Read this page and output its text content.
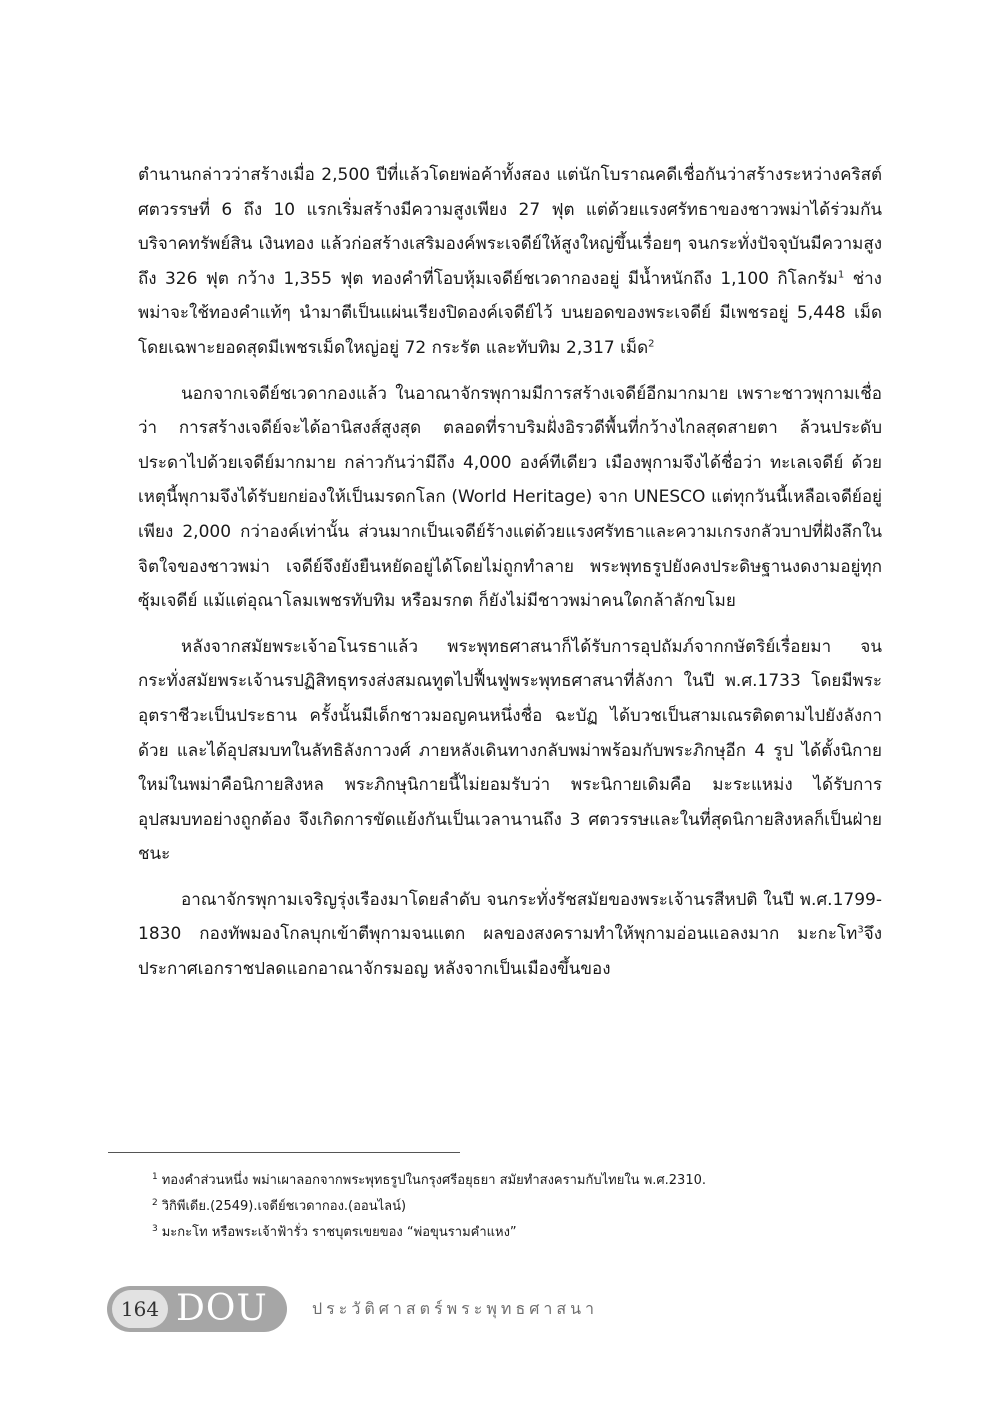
ตำนานกล่าวว่าสร้างเมื่อ 2,500 ปีที่แล้วโดยพ่อค้าทั้งสอง แต่นักโบราณคดีเชื่อกันว่าสร้างระหว่างคริสต์ศตวรรษที่ 6 ถึง 10 แรกเริ่มสร้างมีความสูงเพียง 27 ฟุต แต่ด้วยแรงศรัทธาของชาวพม่าได้ร่วมกันบริจาคทรัพย์สิน เงินทอง แล้วก่อสร้างเสริมองค์พระเจดีย์ให้สูงใหญ่ขึ้นเรื่อยๆ จนกระทั่งปัจจุบันมีความสูงถึง 326 ฟุต กว้าง 1,355 ฟุต ทองคำที่โอบหุ้มเจดีย์ชเวดากองอยู่ มีน้ำหนักถึง 1,100 กิโลกรัม$^1$ ช่างพม่าจะใช้ทองคำแท้ๆ นำมาตีเป็นแผ่นเรียงปิดองค์เจดีย์ไว้ บนยอดของพระเจดีย์ มีเพชรอยู่ 5,448 เม็ด โดยเฉพาะยอดสุดมีเพชรเม็ดใหญ่อยู่ 72 กระรัต และทับทิม 2,317 เม็ด$^2$

นอกจากเจดีย์ชเวดากองแล้ว ในอาณาจักรพุกามมีการสร้างเจดีย์อีกมากมาย เพราะชาวพุกามเชื่อว่า การสร้างเจดีย์จะได้อานิสงส์สูงสุด ตลอดที่ราบริมฝั่งอิรวดีพื้นที่กว้างไกลสุดสายตา ล้วนประดับประดาไปด้วยเจดีย์มากมาย กล่าวกันว่ามีถึง 4,000 องค์ทีเดียว เมืองพุกามจึงได้ชื่อว่า ทะเลเจดีย์ ด้วยเหตุนี้พุกามจึงได้รับยกย่องให้เป็นมรดกโลก (World Heritage) จาก UNESCO แต่ทุกวันนี้เหลือเจดีย์อยู่เพียง 2,000 กว่าองค์เท่านั้น ส่วนมากเป็นเจดีย์ร้างแต่ด้วยแรงศรัทธาและความเกรงกลัวบาปที่ฝังลึกในจิตใจของชาวพม่า เจดีย์จึงยังยืนหยัดอยู่ได้โดยไม่ถูกทำลาย พระพุทธรูปยังคงประดิษฐานงดงามอยู่ทุกซุ้มเจดีย์ แม้แต่อุณาโลมเพชรทับทิม หรือมรกต ก็ยังไม่มีชาวพม่าคนใดกล้าลักขโมย

หลังจากสมัยพระเจ้าอโนรธาแล้ว พระพุทธศาสนาก็ได้รับการอุปถัมภ์จากกษัตริย์เรื่อยมา จนกระทั่งสมัยพระเจ้านรปฏิสิทธุทรงส่งสมณทูตไปฟื้นฟูพระพุทธศาสนาที่ลังกา ในปี พ.ศ.1733 โดยมีพระอุตราชีวะเป็นประธาน ครั้งนั้นมีเด็กชาวมอญคนหนึ่งชื่อ ฉะบัฏ ได้บวชเป็นสามเณรติดตามไปยังลังกาด้วย และได้อุปสมบทในลัทธิลังกาวงศ์ ภายหลังเดินทางกลับพม่าพร้อมกับพระภิกษุอีก 4 รูป ได้ตั้งนิกายใหม่ในพม่าคือนิกายสิงหล พระภิกษุนิกายนี้ไม่ยอมรับว่า พระนิกายเดิมคือ มะระแหม่ง ได้รับการอุปสมบทอย่างถูกต้อง จึงเกิดการขัดแย้งกันเป็นเวลานานถึง 3 ศตวรรษและในที่สุดนิกายสิงหลก็เป็นฝ่ายชนะ

อาณาจักรพุกามเจริญรุ่งเรืองมาโดยลำดับ จนกระทั่งรัชสมัยของพระเจ้านรสีหปติ ในปี พ.ศ.1799-1830 กองทัพมองโกลบุกเข้าตีพุกามจนแตก ผลของสงครามทำให้พุกามอ่อนแอลงมาก มะกะโท$^3$จึงประกาศเอกราชปลดแอกอาณาจักรมอญ หลังจากเป็นเมืองขึ้นของ

$^1$ ทองคำส่วนหนึ่ง พม่าเผาลอกจากพระพุทธรูปในกรุงศรีอยุธยา สมัยทำสงครามกับไทยใน พ.ศ.2310.
$^2$ วิกิพีเดีย.(2549).เจดีย์ชเวดากอง.(ออนไลน์)
$^3$ มะกะโท หรือพระเจ้าฟ้ารั่ว ราชบุตรเขยของ “พ่อขุนรามคำแหง”
164 DOU	ประวัติศาสตร์พระพุทธศาสนา
